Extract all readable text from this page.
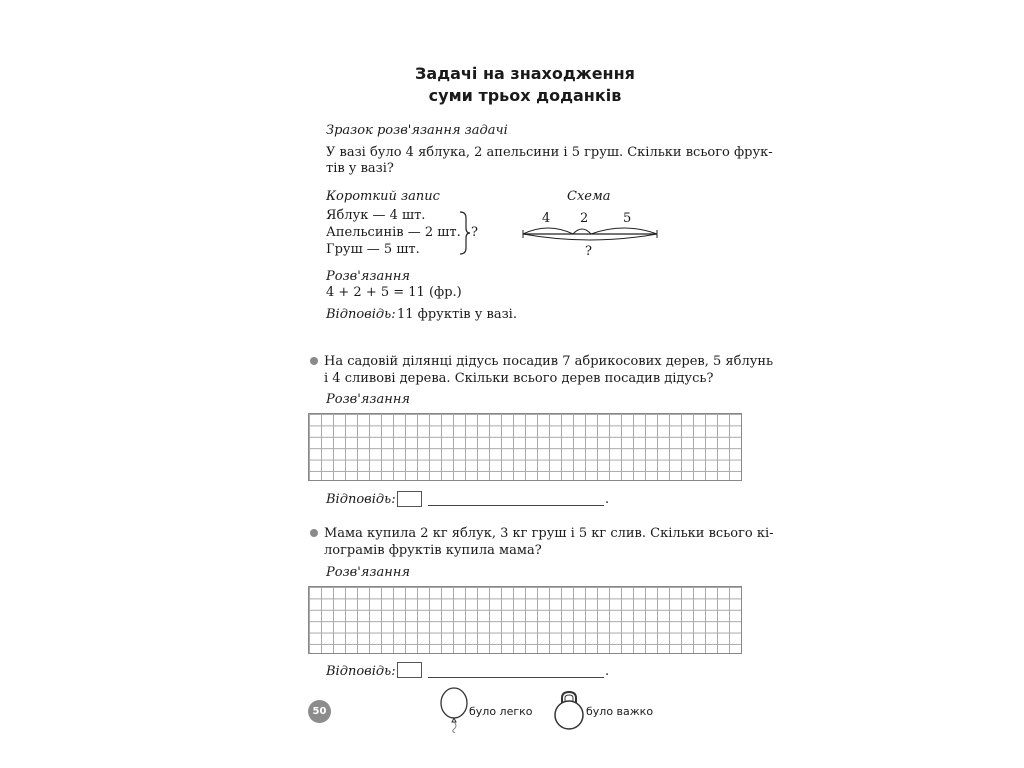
Задачі на знаходження
суми трьох доданків
Зразок розв'язання задачі
У вазі було 4 яблука, 2 апельсини і 5 груш. Скільки всього фрук-
тів у вазі?
Короткий запис
Яблук — 4 шт.
Апельсинів — 2 шт.
Груш — 5 шт.
?
Схема
4 2	5
?
Розв'язання
4 + 2 + 5 = 11 (фр.)
Відповідь: 11 фруктів у вазі.
На садовій ділянці дідусь посадив 7 абрикосових дерев, 5 яблунь
і 4 сливові дерева. Скільки всього дерев посадив дідусь?
Розв'язання
Відповідь:	.
Мама купила 2 кг яблук, 3 кг груш і 5 кг слив. Скільки всього кі-
лограмів фруктів купила мама?
Розв'язання
Відповідь:	.
50	було легко	було важко
